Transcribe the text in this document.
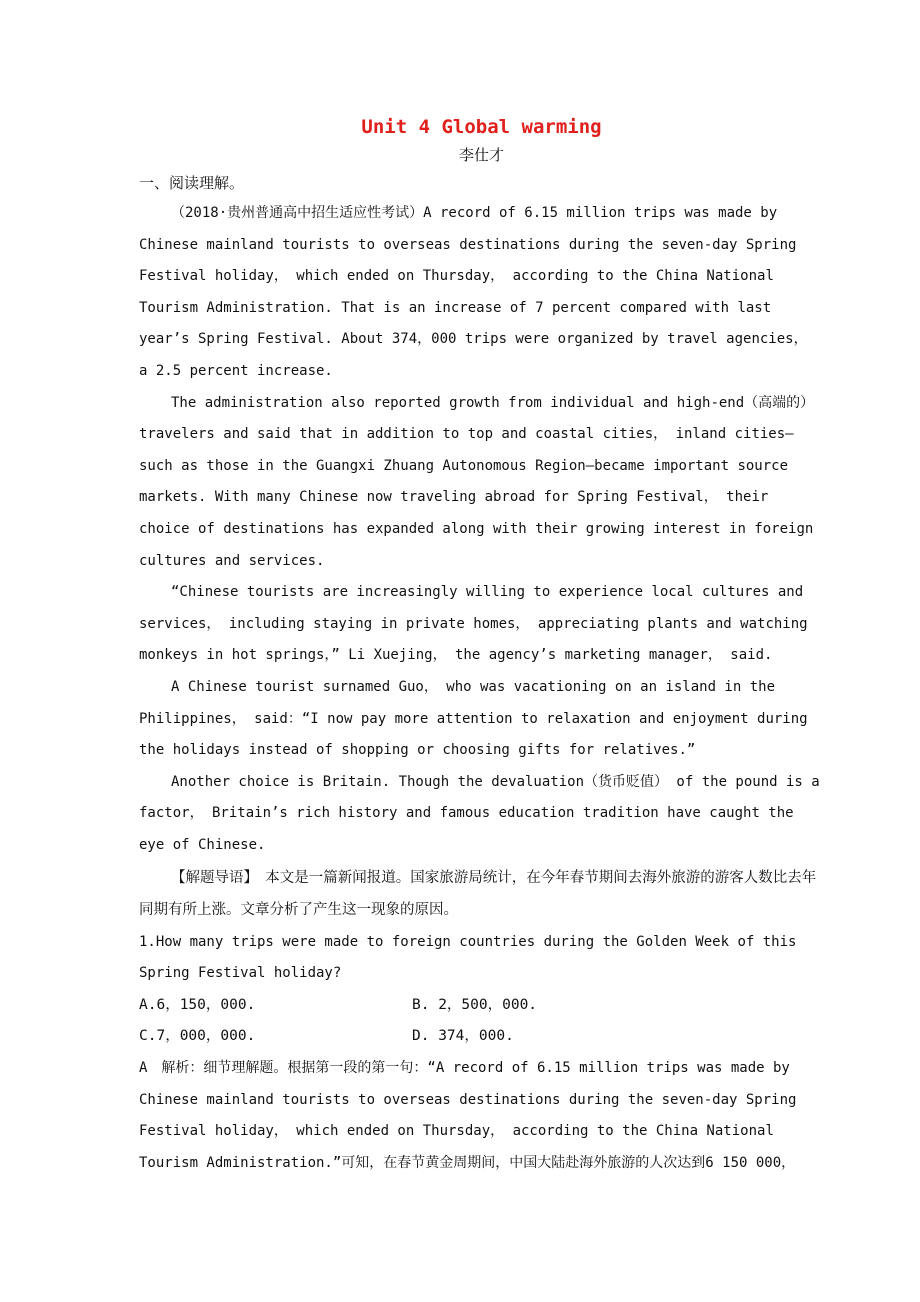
Unit 4 Global warming
李仕才
一、阅读理解。

（2018·贵州普通高中招生适应性考试）A record of 6.15 million trips was made by Chinese mainland tourists to overseas destinations during the seven-day Spring Festival holiday， which ended on Thursday， according to the China National Tourism Administration. That is an increase of 7 percent compared with last year’s Spring Festival. About 374，000 trips were organized by travel agencies， a 2.5 percent increase.

The administration also reported growth from individual and high-end（高端的）travelers and said that in addition to top and coastal cities， inland cities—such as those in the Guangxi Zhuang Autonomous Region—became important source markets. With many Chinese now traveling abroad for Spring Festival， their choice of destinations has expanded along with their growing interest in foreign cultures and services.

“Chinese tourists are increasingly willing to experience local cultures and services， including staying in private homes， appreciating plants and watching monkeys in hot springs，” Li Xuejing， the agency’s marketing manager， said.

A Chinese tourist surnamed Guo， who was vacationing on an island in the Philippines， said：“I now pay more attention to relaxation and enjoyment during the holidays instead of shopping or choosing gifts for relatives.”

Another choice is Britain. Though the devaluation（货币贬值） of the pound is a factor， Britain’s rich history and famous education tradition have caught the eye of Chinese.

【解题导语】　 本文是一篇新闻报道。国家旅游局统计，在今年春节期间去海外旅游的游客人数比去年同期有所上涨。文章分析了产生这一现象的原因。

1.How many trips were made to foreign countries during the Golden Week of this Spring Festival holiday?

A.6，150，000.	B. 2，500，000.
C.7，000，000.	D. 374，000.

A　解析：细节理解题。根据第一段的第一句：“A record of 6.15 million trips was made by Chinese mainland tourists to overseas destinations during the seven-day Spring Festival holiday， which ended on Thursday， according to the China National Tourism Administration.”可知，在春节黄金周期间，中国大陆赴海外旅游的人次达到6 150 000，
